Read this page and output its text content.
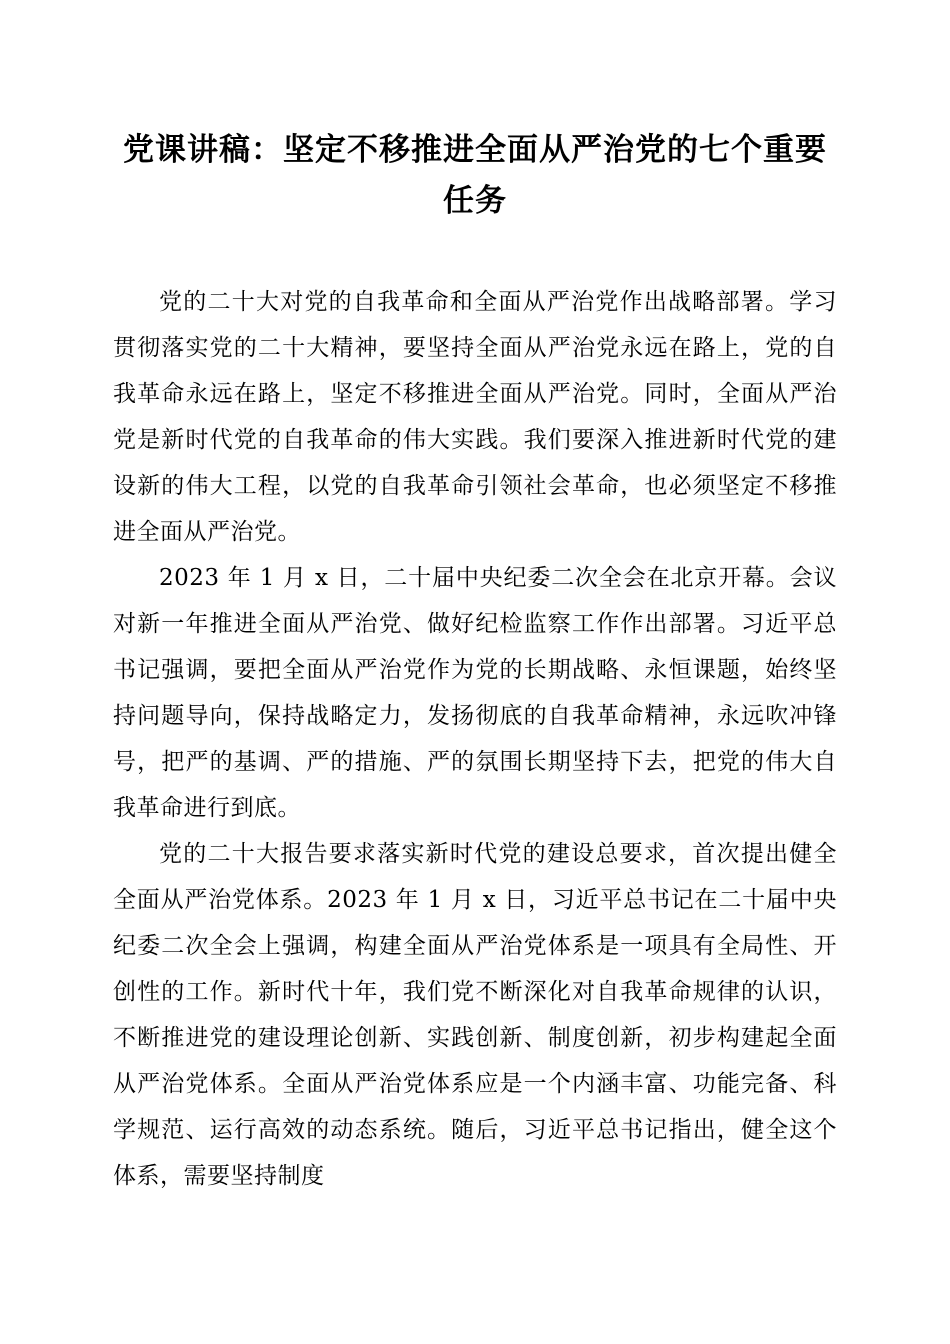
党课讲稿：坚定不移推进全面从严治党的七个重要任务

党的二十大对党的自我革命和全面从严治党作出战略部署。学习贯彻落实党的二十大精神，要坚持全面从严治党永远在路上，党的自我革命永远在路上，坚定不移推进全面从严治党。同时，全面从严治党是新时代党的自我革命的伟大实践。我们要深入推进新时代党的建设新的伟大工程，以党的自我革命引领社会革命，也必须坚定不移推进全面从严治党。

2023 年 1 月 x 日，二十届中央纪委二次全会在北京开幕。会议对新一年推进全面从严治党、做好纪检监察工作作出部署。习近平总书记强调，要把全面从严治党作为党的长期战略、永恒课题，始终坚持问题导向，保持战略定力，发扬彻底的自我革命精神，永远吹冲锋号，把严的基调、严的措施、严的氛围长期坚持下去，把党的伟大自我革命进行到底。

党的二十大报告要求落实新时代党的建设总要求，首次提出健全全面从严治党体系。2023 年 1 月 x 日，习近平总书记在二十届中央纪委二次全会上强调，构建全面从严治党体系是一项具有全局性、开创性的工作。新时代十年，我们党不断深化对自我革命规律的认识，不断推进党的建设理论创新、实践创新、制度创新，初步构建起全面从严治党体系。全面从严治党体系应是一个内涵丰富、功能完备、科学规范、运行高效的动态系统。随后，习近平总书记指出，健全这个体系，需要坚持制度
